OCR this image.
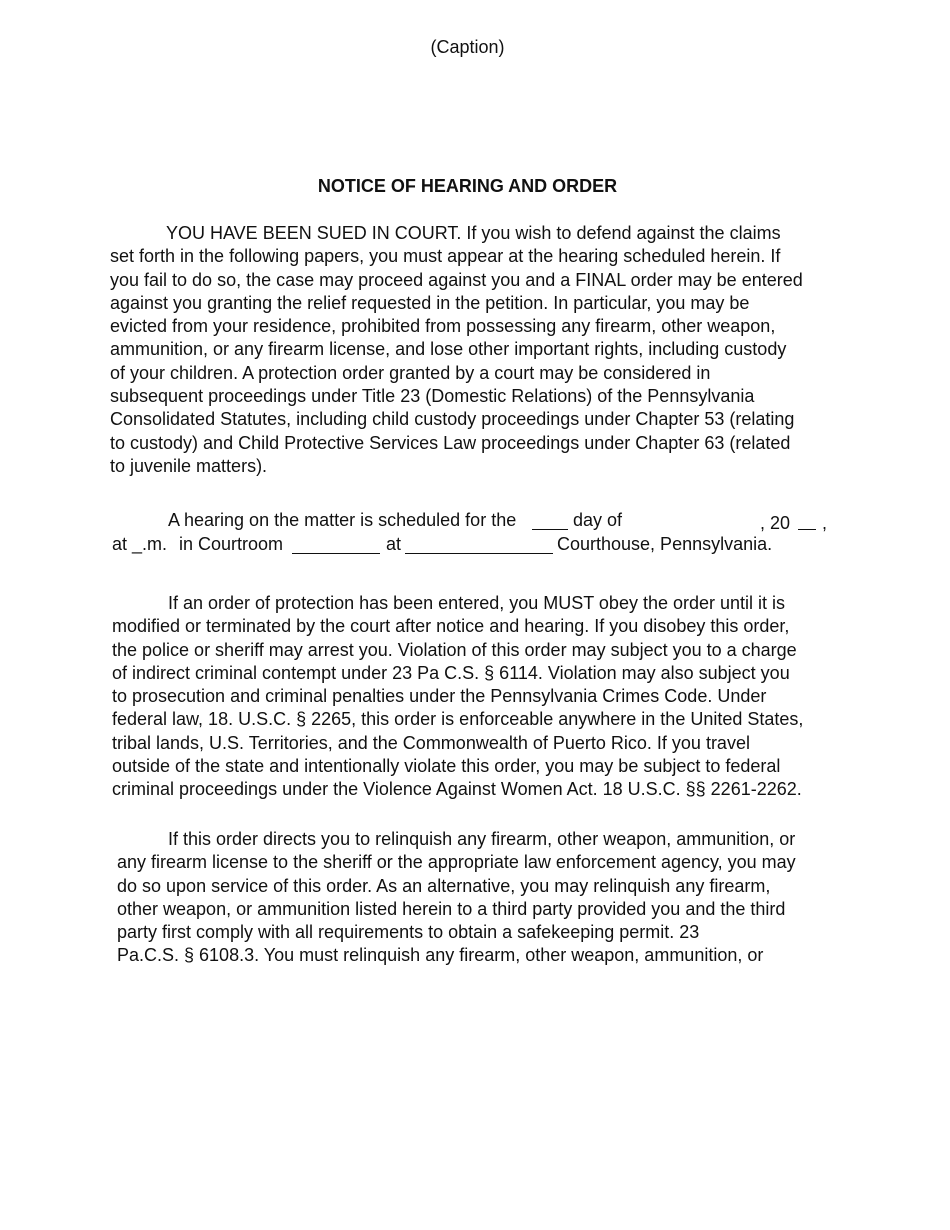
(Caption)
NOTICE OF HEARING AND ORDER

YOU HAVE BEEN SUED IN COURT. If you wish to defend against the claims
set forth in the following papers, you must appear at the hearing scheduled herein. If
you fail to do so, the case may proceed against you and a FINAL order may be entered
against you granting the relief requested in the petition. In particular, you may be
evicted from your residence, prohibited from possessing any firearm, other weapon,
ammunition, or any firearm license, and lose other important rights, including custody
of your children. A protection order granted by a court may be considered in
subsequent proceedings under Title 23 (Domestic Relations) of the Pennsylvania
Consolidated Statutes, including child custody proceedings under Chapter 53 (relating
to custody) and Child Protective Services Law proceedings under Chapter 63 (related
to juvenile matters).

A hearing on the matter is scheduled for the	day of	, 20 ,
at _.m. in Courtroom	at	Courthouse, Pennsylvania.

If an order of protection has been entered, you MUST obey the order until it is
modified or terminated by the court after notice and hearing. If you disobey this order,
the police or sheriff may arrest you. Violation of this order may subject you to a charge
of indirect criminal contempt under 23 Pa C.S. § 6114. Violation may also subject you
to prosecution and criminal penalties under the Pennsylvania Crimes Code. Under
federal law, 18. U.S.C. § 2265, this order is enforceable anywhere in the United States,
tribal lands, U.S. Territories, and the Commonwealth of Puerto Rico. If you travel
outside of the state and intentionally violate this order, you may be subject to federal
criminal proceedings under the Violence Against Women Act. 18 U.S.C. §§ 2261-2262.

If this order directs you to relinquish any firearm, other weapon, ammunition, or
any firearm license to the sheriff or the appropriate law enforcement agency, you may
do so upon service of this order. As an alternative, you may relinquish any firearm,
other weapon, or ammunition listed herein to a third party provided you and the third
party first comply with all requirements to obtain a safekeeping permit. 23
Pa.C.S. § 6108.3. You must relinquish any firearm, other weapon, ammunition, or
